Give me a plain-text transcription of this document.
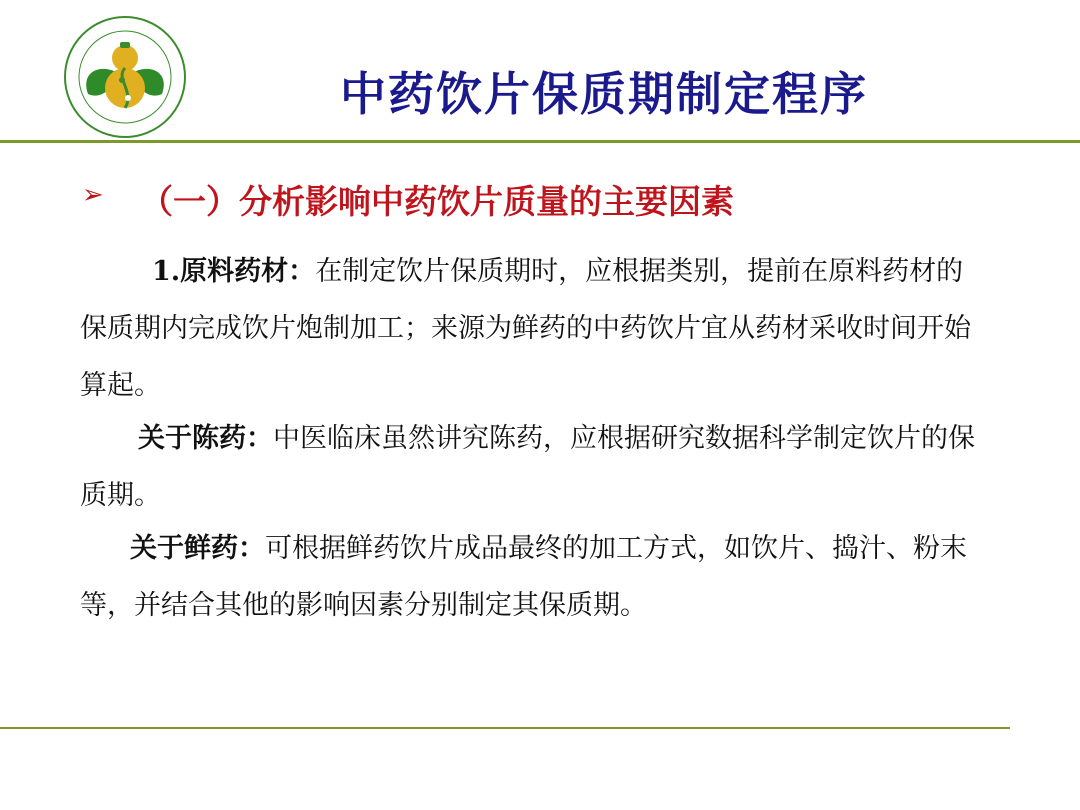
中药饮片保质期制定程序
➢ （一）分析影响中药饮片质量的主要因素
1.原料药材：在制定饮片保质期时，应根据类别，提前在原料药材的保质期内完成饮片炮制加工；来源为鲜药的中药饮片宜从药材采收时间开始算起。
关于陈药：中医临床虽然讲究陈药，应根据研究数据科学制定饮片的保质期。
关于鲜药：可根据鲜药饮片成品最终的加工方式，如饮片、捣汁、粉末等，并结合其他的影响因素分别制定其保质期。
